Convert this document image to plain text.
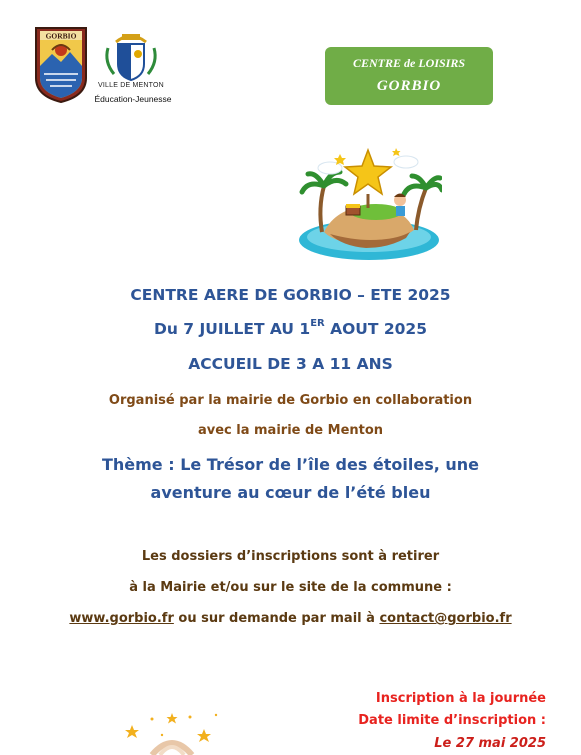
GORBIO
VILLE DE MENTON
Éducation-Jeunesse
CENTRE de LOISIRS
GORBIO
CENTRE AERE DE GORBIO – ETE 2025
Du 7 JUILLET AU 1ER AOUT 2025
ACCUEIL DE 3 A 11 ANS
Organisé par la mairie de Gorbio en collaboration
avec la mairie de Menton
Thème : Le Trésor de l’île des étoiles, une
aventure au cœur de l’été bleu
Les dossiers d’inscriptions sont à retirer
à la Mairie et/ou sur le site de la commune :
www.gorbio.fr ou sur demande par mail à contact@gorbio.fr
Inscription à la journée
Date limite d’inscription :
Le 27 mai 2025
